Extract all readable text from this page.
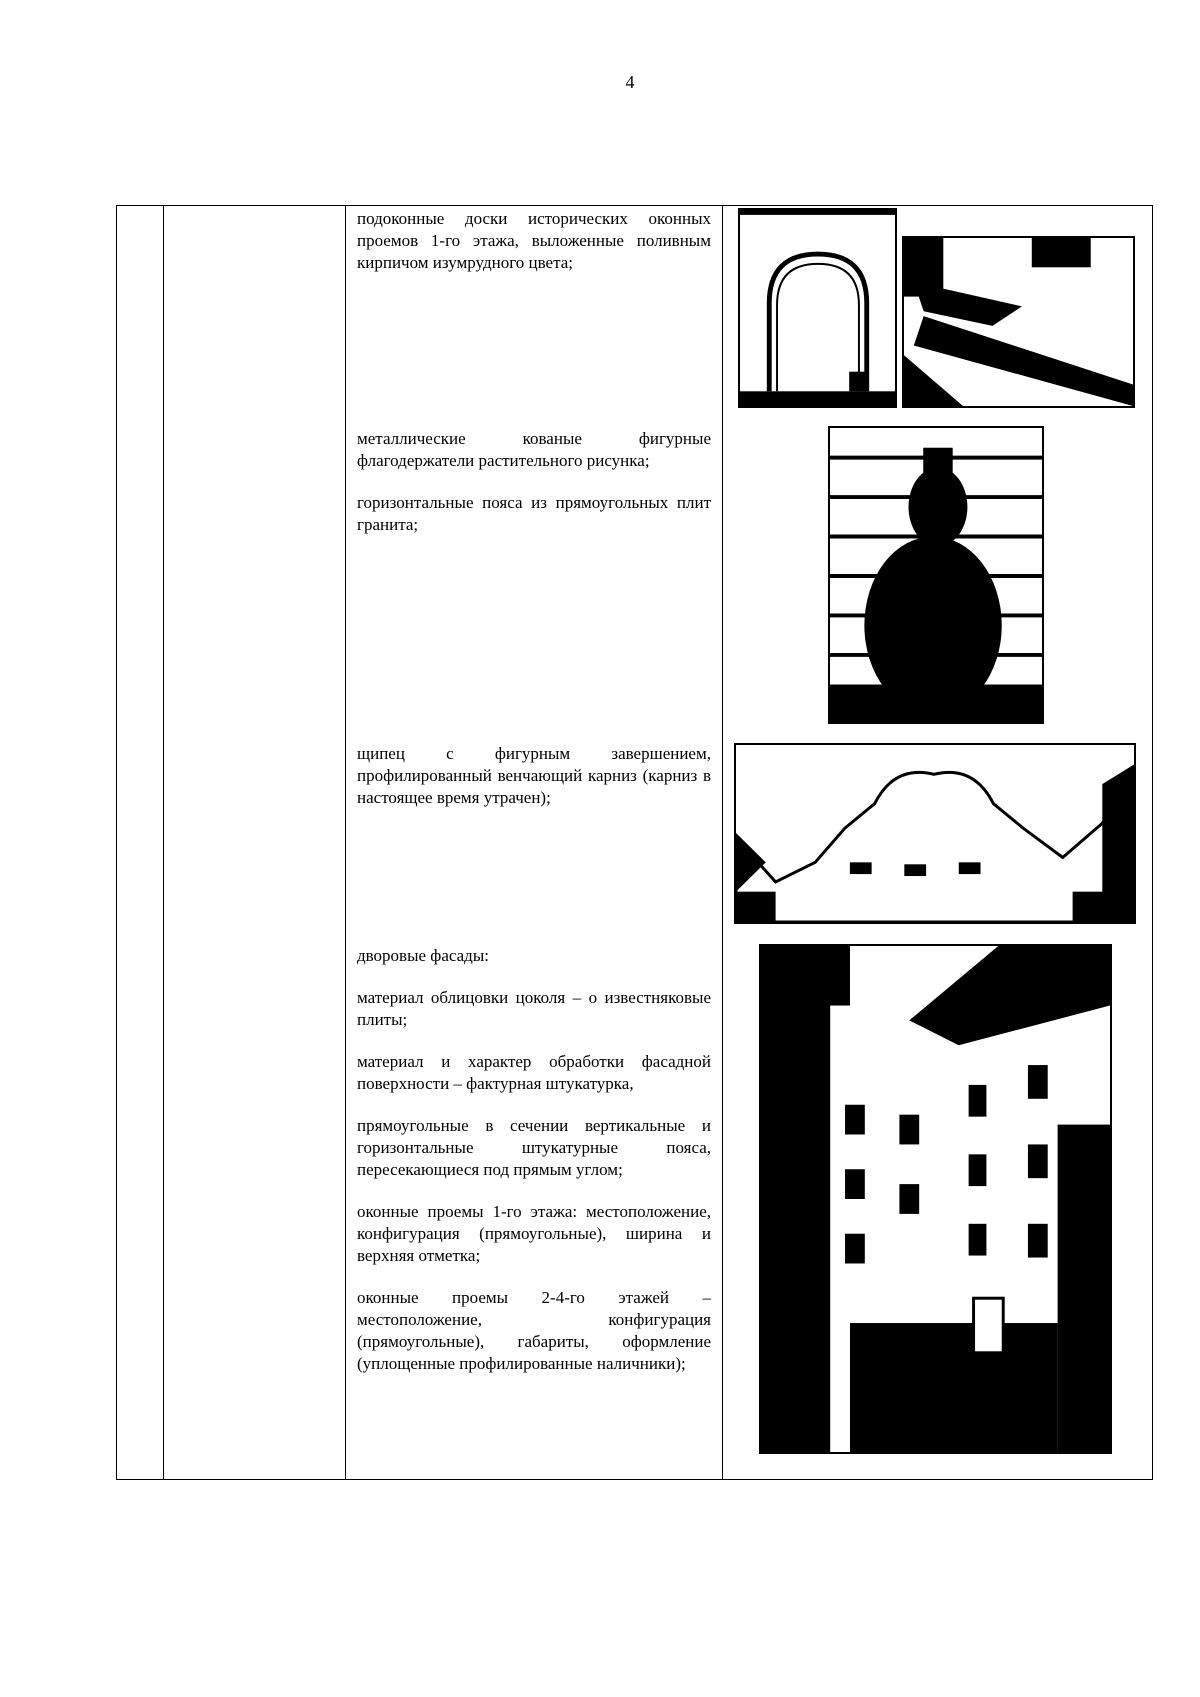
4

подоконные доски исторических оконных проемов 1-го этажа, выложенные поливным кирпичом изумрудного цвета;

металлические кованые фигурные флагодержатели растительного рисунка;

горизонтальные пояса из прямоугольных плит гранита;

щипец с фигурным завершением, профилированный венчающий карниз (карниз в настоящее время утрачен);

дворовые фасады:

материал облицовки цоколя – о известняковые плиты;

материал и характер обработки фасадной поверхности – фактурная штукатурка,

прямоугольные в сечении вертикальные и горизонтальные штукатурные пояса, пересекающиеся под прямым углом;

оконные проемы 1-го этажа: местоположение, конфигурация (прямоугольные), ширина и верхняя отметка;

оконные проемы 2-4-го этажей – местоположение, конфигурация (прямоугольные), габариты, оформление (уплощенные профилированные наличники);
